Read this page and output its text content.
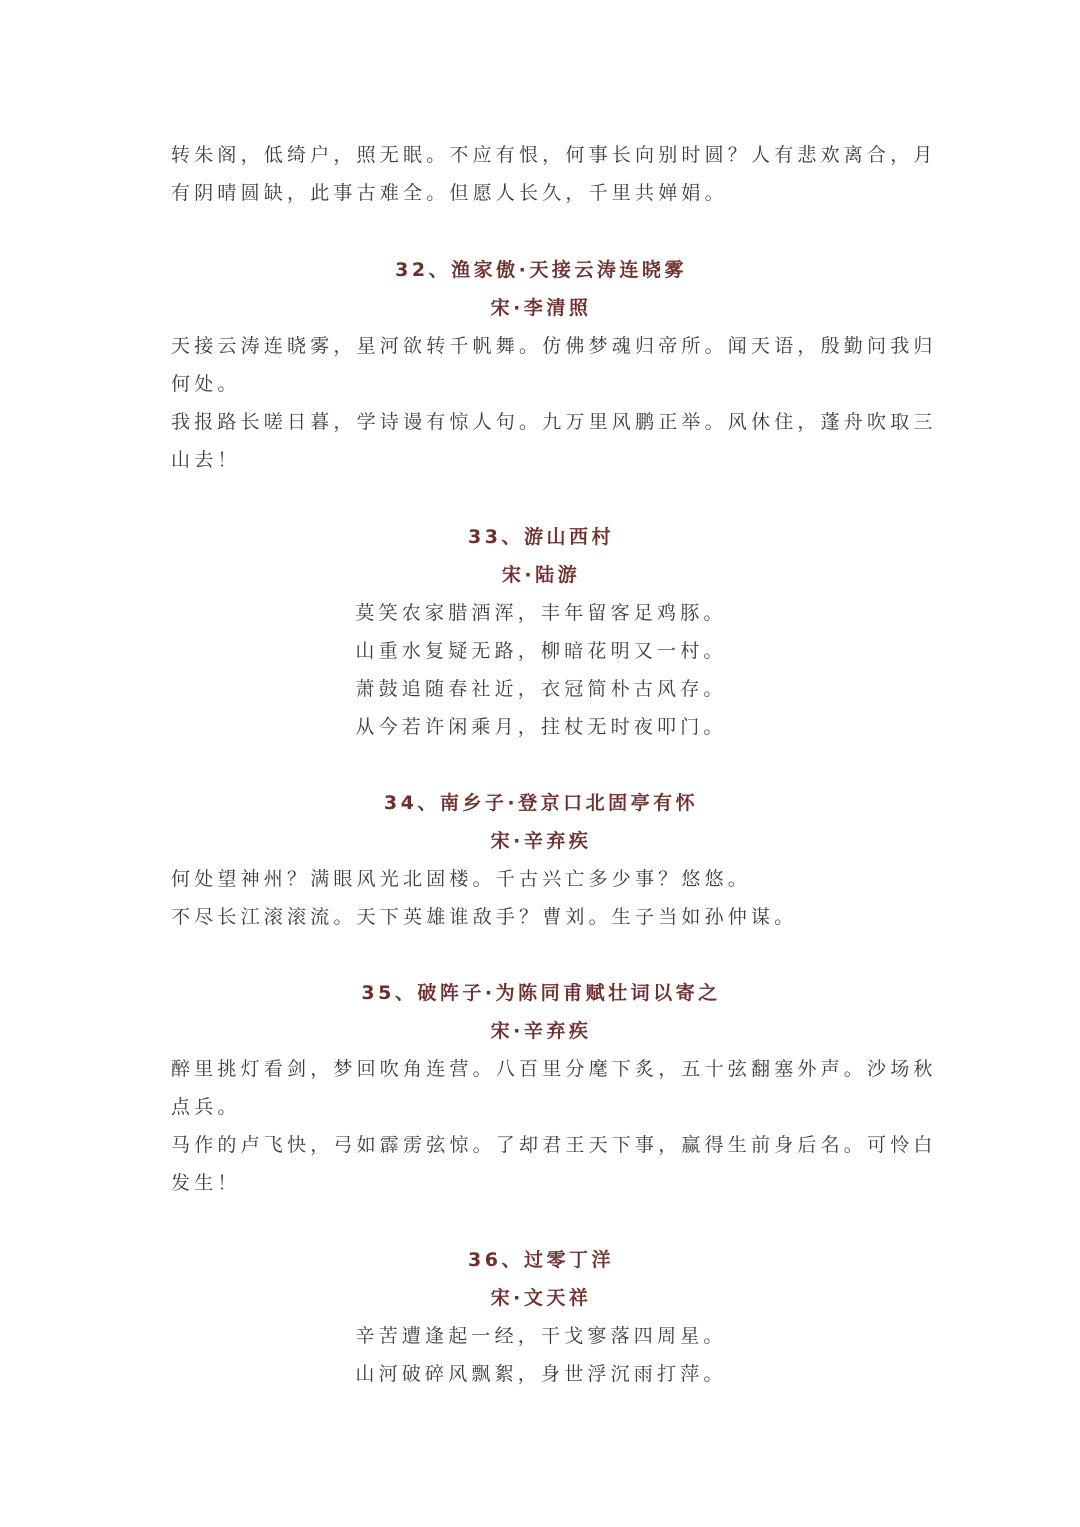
转朱阁，低绮户，照无眠。不应有恨，何事长向别时圆？人有悲欢离合，月
有阴晴圆缺，此事古难全。但愿人长久，千里共婵娟。
32、渔家傲·天接云涛连晓雾
宋·李清照
天接云涛连晓雾，星河欲转千帆舞。仿佛梦魂归帝所。闻天语，殷勤问我归
何处。
我报路长嗟日暮，学诗谩有惊人句。九万里风鹏正举。风休住，蓬舟吹取三
山去！
33、游山西村
宋·陆游
莫笑农家腊酒浑，丰年留客足鸡豚。
山重水复疑无路，柳暗花明又一村。
萧鼓追随春社近，衣冠简朴古风存。
从今若许闲乘月，拄杖无时夜叩门。
34、南乡子·登京口北固亭有怀
宋·辛弃疾
何处望神州？满眼风光北固楼。千古兴亡多少事？悠悠。
不尽长江滚滚流。天下英雄谁敌手？曹刘。生子当如孙仲谋。
35、破阵子·为陈同甫赋壮词以寄之
宋·辛弃疾
醉里挑灯看剑，梦回吹角连营。八百里分麾下炙，五十弦翻塞外声。沙场秋
点兵。
马作的卢飞快，弓如霹雳弦惊。了却君王天下事，赢得生前身后名。可怜白
发生！
36、过零丁洋
宋·文天祥
辛苦遭逢起一经，干戈寥落四周星。
山河破碎风飘絮，身世浮沉雨打萍。
